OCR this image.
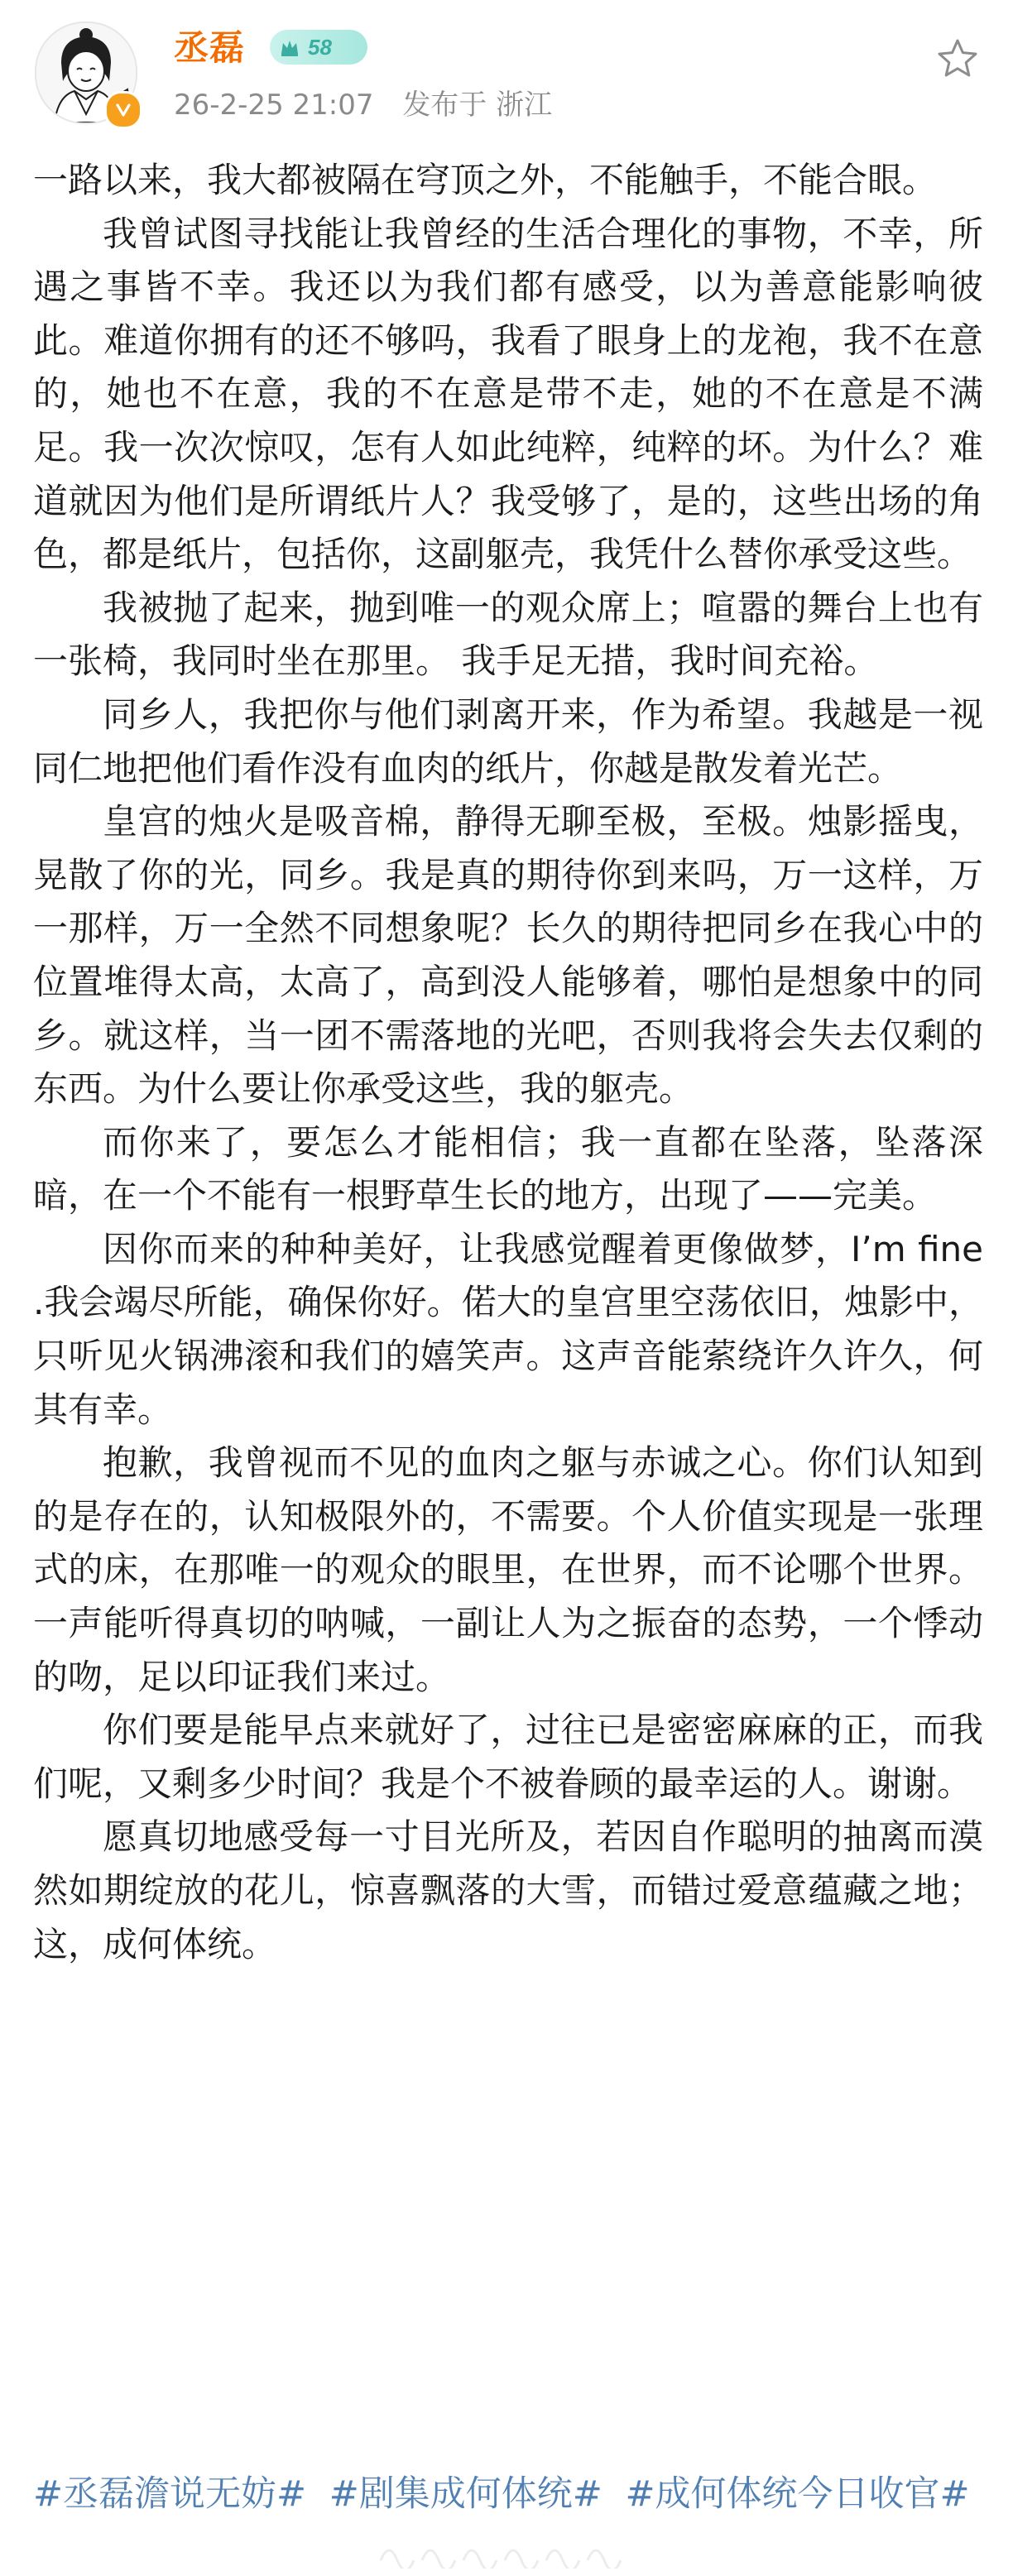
丞磊	58
26-2-25 21:07 发布于 浙江

一路以来，我大都被隔在穹顶之外，不能触手，不能合眼。

我曾试图寻找能让我曾经的生活合理化的事物，不幸，所遇之事皆不幸。我还以为我们都有感受，以为善意能影响彼此。难道你拥有的还不够吗，我看了眼身上的龙袍，我不在意的，她也不在意，我的不在意是带不走，她的不在意是不满足。我一次次惊叹，怎有人如此纯粹，纯粹的坏。为什么？难道就因为他们是所谓纸片人？我受够了，是的，这些出场的角色，都是纸片，包括你，这副躯壳，我凭什么替你承受这些。

我被抛了起来，抛到唯一的观众席上；喧嚣的舞台上也有一张椅，我同时坐在那里。 我手足无措，我时间充裕。

同乡人，我把你与他们剥离开来，作为希望。我越是一视同仁地把他们看作没有血肉的纸片，你越是散发着光芒。

皇宫的烛火是吸音棉，静得无聊至极，至极。烛影摇曳，晃散了你的光，同乡。我是真的期待你到来吗，万一这样，万一那样，万一全然不同想象呢？长久的期待把同乡在我心中的位置堆得太高，太高了，高到没人能够着，哪怕是想象中的同乡。就这样，当一团不需落地的光吧，否则我将会失去仅剩的东西。为什么要让你承受这些，我的躯壳。

而你来了，要怎么才能相信；我一直都在坠落，坠落深暗，在一个不能有一根野草生长的地方，出现了——完美。

因你而来的种种美好，让我感觉醒着更像做梦，I’m fine .我会竭尽所能，确保你好。偌大的皇宫里空荡依旧，烛影中，只听见火锅沸滚和我们的嬉笑声。这声音能萦绕许久许久，何其有幸。

抱歉，我曾视而不见的血肉之躯与赤诚之心。你们认知到的是存在的，认知极限外的，不需要。个人价值实现是一张理式的床，在那唯一的观众的眼里，在世界，而不论哪个世界。一声能听得真切的呐喊，一副让人为之振奋的态势，一个悸动的吻，足以印证我们来过。

你们要是能早点来就好了，过往已是密密麻麻的正，而我们呢，又剩多少时间？我是个不被眷顾的最幸运的人。谢谢。

愿真切地感受每一寸目光所及，若因自作聪明的抽离而漠然如期绽放的花儿，惊喜飘落的大雪，而错过爱意蕴藏之地；这，成何体统。

#丞磊澹说无妨# #剧集成何体统# #成何体统今日收官#
